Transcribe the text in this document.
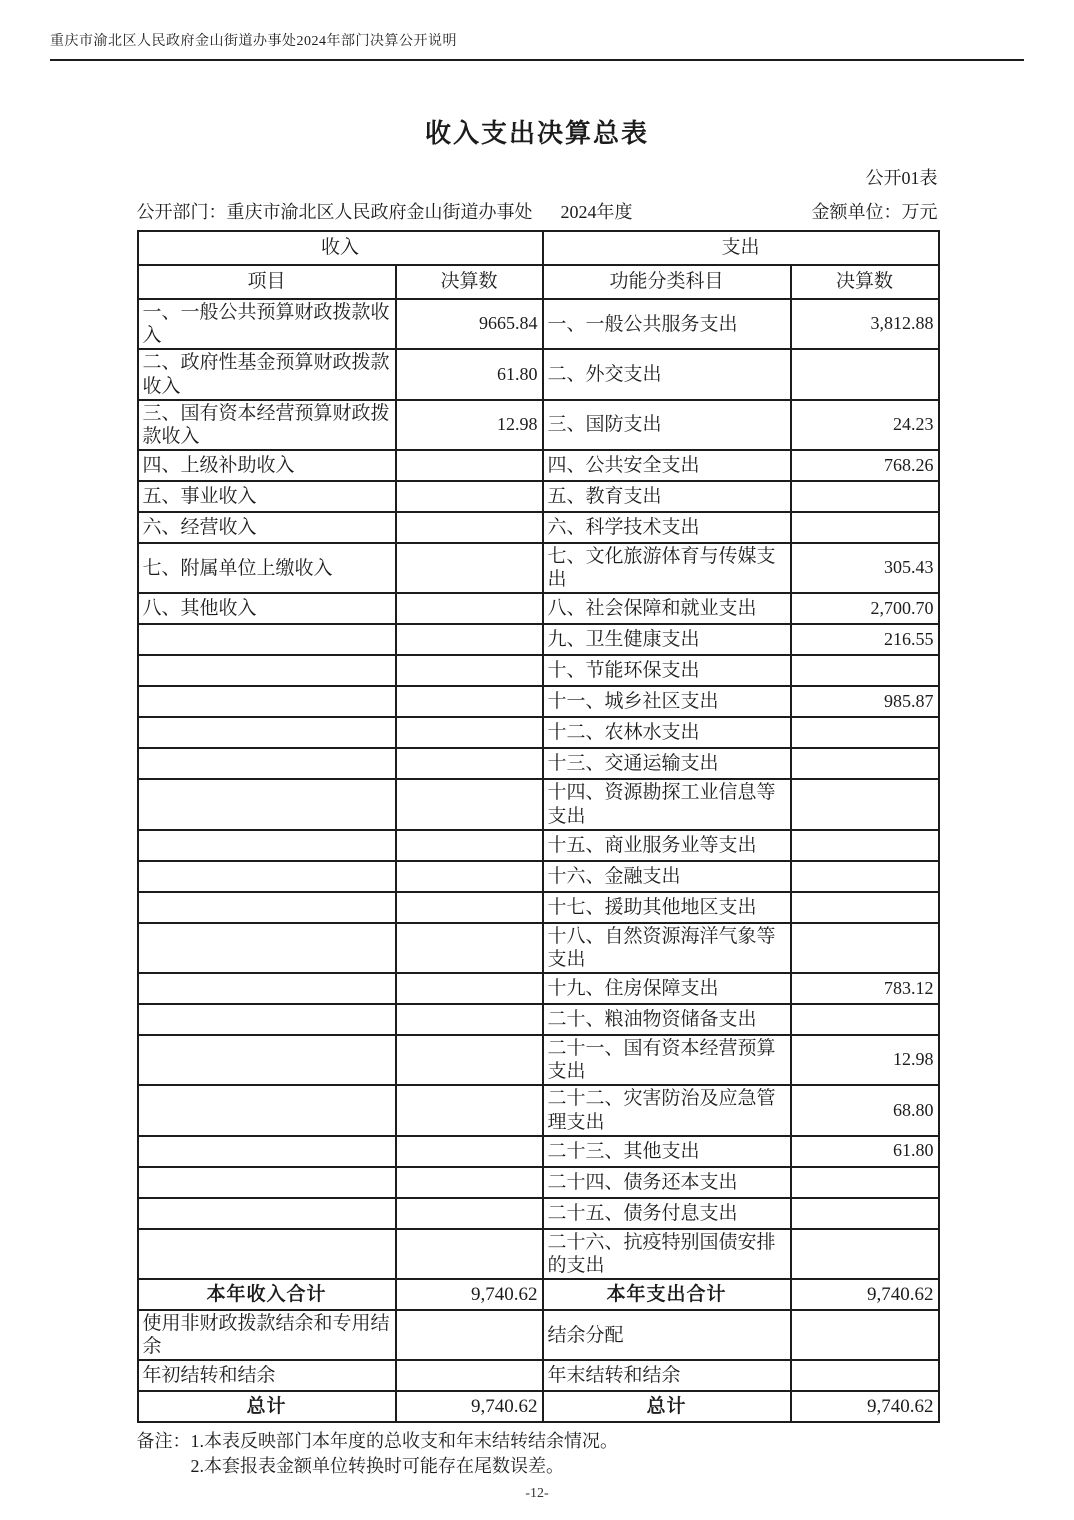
重庆市渝北区人民政府金山街道办事处2024年部门决算公开说明
收入支出决算总表
公开01表
公开部门：重庆市渝北区人民政府金山街道办事处 2024年度	金额单位：万元
收入		支出	
项目	决算数	功能分类科目	决算数
一、一般公共预算财政拨款收入	9665.84	一、一般公共服务支出	3,812.88
二、政府性基金预算财政拨款收入	61.80	二、外交支出	
三、国有资本经营预算财政拨款收入	12.98	三、国防支出	24.23
四、上级补助收入		四、公共安全支出	768.26
五、事业收入		五、教育支出	
六、经营收入		六、科学技术支出	
七、附属单位上缴收入		七、文化旅游体育与传媒支出	305.43
八、其他收入		八、社会保障和就业支出	2,700.70
		九、卫生健康支出	216.55
		十、节能环保支出	
		十一、城乡社区支出	985.87
		十二、农林水支出	
		十三、交通运输支出	
		十四、资源勘探工业信息等支出	
		十五、商业服务业等支出	
		十六、金融支出	
		十七、援助其他地区支出	
		十八、自然资源海洋气象等支出	
		十九、住房保障支出	783.12
		二十、粮油物资储备支出	
		二十一、国有资本经营预算支出	12.98
		二十二、灾害防治及应急管理支出	68.80
		二十三、其他支出	61.80
		二十四、债务还本支出	
		二十五、债务付息支出	
		二十六、抗疫特别国债安排的支出	
本年收入合计	9,740.62	本年支出合计	9,740.62
使用非财政拨款结余和专用结余		结余分配	
年初结转和结余		年末结转和结余	
总计	9,740.62	总计	9,740.62
备注：1.本表反映部门本年度的总收支和年末结转结余情况。
2.本套报表金额单位转换时可能存在尾数误差。
-12-
